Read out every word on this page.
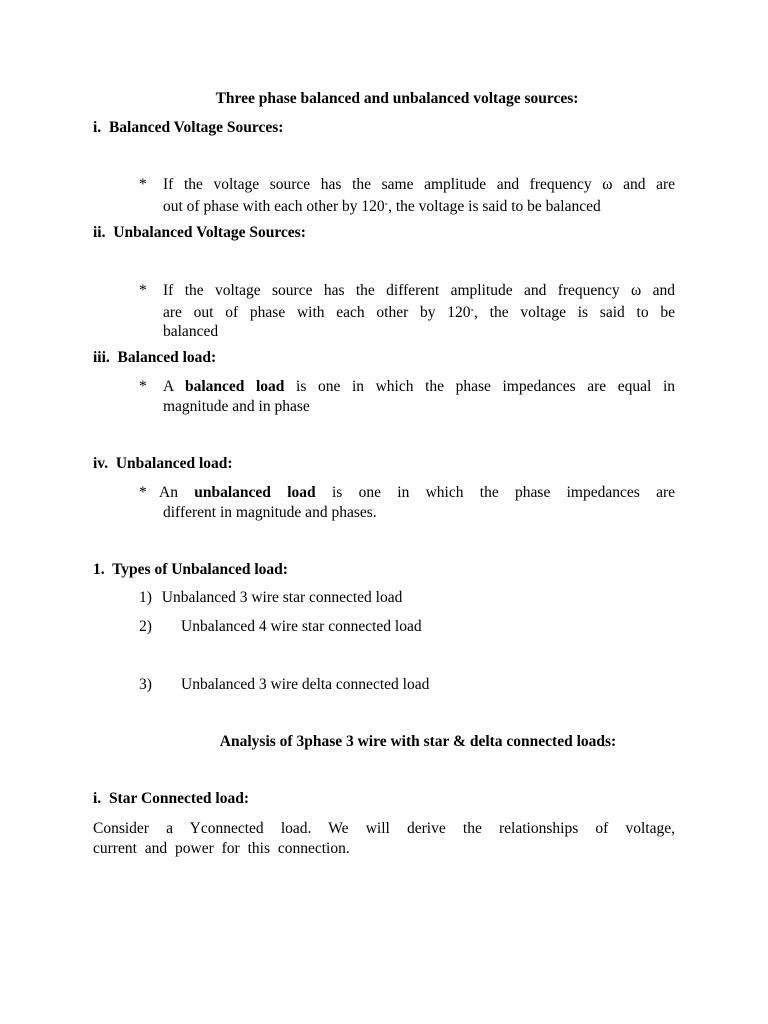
Three phase balanced and unbalanced voltage sources:
i. Balanced Voltage Sources:
* If the voltage source has the same amplitude and frequency ω and are
out of phase with each other by 120∘, the voltage is said to be balanced
ii. Unbalanced Voltage Sources:
* If the voltage source has the different amplitude and frequency ω and
are out of phase with each other by 120∘, the voltage is said to be
balanced
iii. Balanced load:
* A balanced load is one in which the phase impedances are equal in
magnitude and in phase
iv. Unbalanced load:
* An unbalanced load is one in which the phase impedances are
different in magnitude and phases.
1. Types of Unbalanced load:
1) Unbalanced 3 wire star connected load
2) Unbalanced 4 wire star connected load
3) Unbalanced 3 wire delta connected load
Analysis of 3phase 3 wire with star & delta connected loads:
i. Star Connected load:
Consider a Yconnected load. We will derive the relationships of voltage,
current and power for this connection.
